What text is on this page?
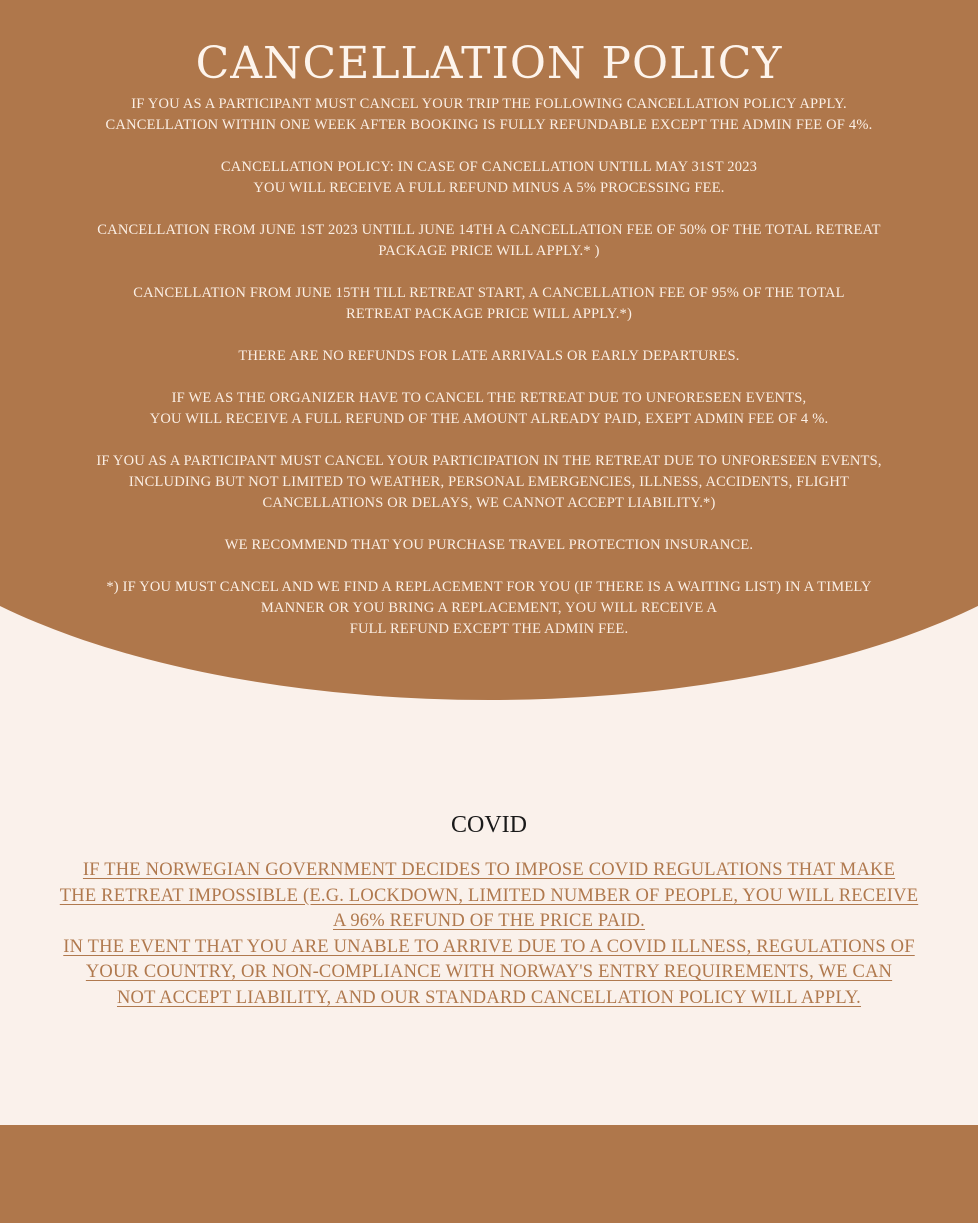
CANCELLATION POLICY

IF YOU AS A PARTICIPANT MUST CANCEL YOUR TRIP THE FOLLOWING CANCELLATION POLICY APPLY.
CANCELLATION WITHIN ONE WEEK AFTER BOOKING IS FULLY REFUNDABLE EXCEPT THE ADMIN FEE OF 4%.

CANCELLATION POLICY: IN CASE OF CANCELLATION UNTILL MAY 31ST 2023
YOU WILL RECEIVE A FULL REFUND MINUS A 5% PROCESSING FEE.

CANCELLATION FROM JUNE 1ST 2023 UNTILL JUNE 14TH A CANCELLATION FEE OF 50% OF THE TOTAL RETREAT
PACKAGE PRICE WILL APPLY.* )

CANCELLATION FROM JUNE 15TH TILL RETREAT START, A CANCELLATION FEE OF 95% OF THE TOTAL
RETREAT PACKAGE PRICE WILL APPLY.*)

THERE ARE NO REFUNDS FOR LATE ARRIVALS OR EARLY DEPARTURES.

IF WE AS THE ORGANIZER HAVE TO CANCEL THE RETREAT DUE TO UNFORESEEN EVENTS,
YOU WILL RECEIVE A FULL REFUND OF THE AMOUNT ALREADY PAID, EXEPT ADMIN FEE OF 4 %.

IF YOU AS A PARTICIPANT MUST CANCEL YOUR PARTICIPATION IN THE RETREAT DUE TO UNFORESEEN EVENTS,
INCLUDING BUT NOT LIMITED TO WEATHER, PERSONAL EMERGENCIES, ILLNESS, ACCIDENTS, FLIGHT
CANCELLATIONS OR DELAYS, WE CANNOT ACCEPT LIABILITY.*)

WE RECOMMEND THAT YOU PURCHASE TRAVEL PROTECTION INSURANCE.

*) IF YOU MUST CANCEL AND WE FIND A REPLACEMENT FOR YOU (IF THERE IS A WAITING LIST) IN A TIMELY
MANNER OR YOU BRING A REPLACEMENT, YOU WILL RECEIVE A
FULL REFUND EXCEPT THE ADMIN FEE.

COVID
IF THE NORWEGIAN GOVERNMENT DECIDES TO IMPOSE COVID REGULATIONS THAT MAKE
THE RETREAT IMPOSSIBLE (E.G. LOCKDOWN, LIMITED NUMBER OF PEOPLE, YOU WILL RECEIVE
A 96% REFUND OF THE PRICE PAID.
IN THE EVENT THAT YOU ARE UNABLE TO ARRIVE DUE TO A COVID ILLNESS, REGULATIONS OF
YOUR COUNTRY, OR NON-COMPLIANCE WITH NORWAY'S ENTRY REQUIREMENTS, WE CAN
NOT ACCEPT LIABILITY, AND OUR STANDARD CANCELLATION POLICY WILL APPLY.
